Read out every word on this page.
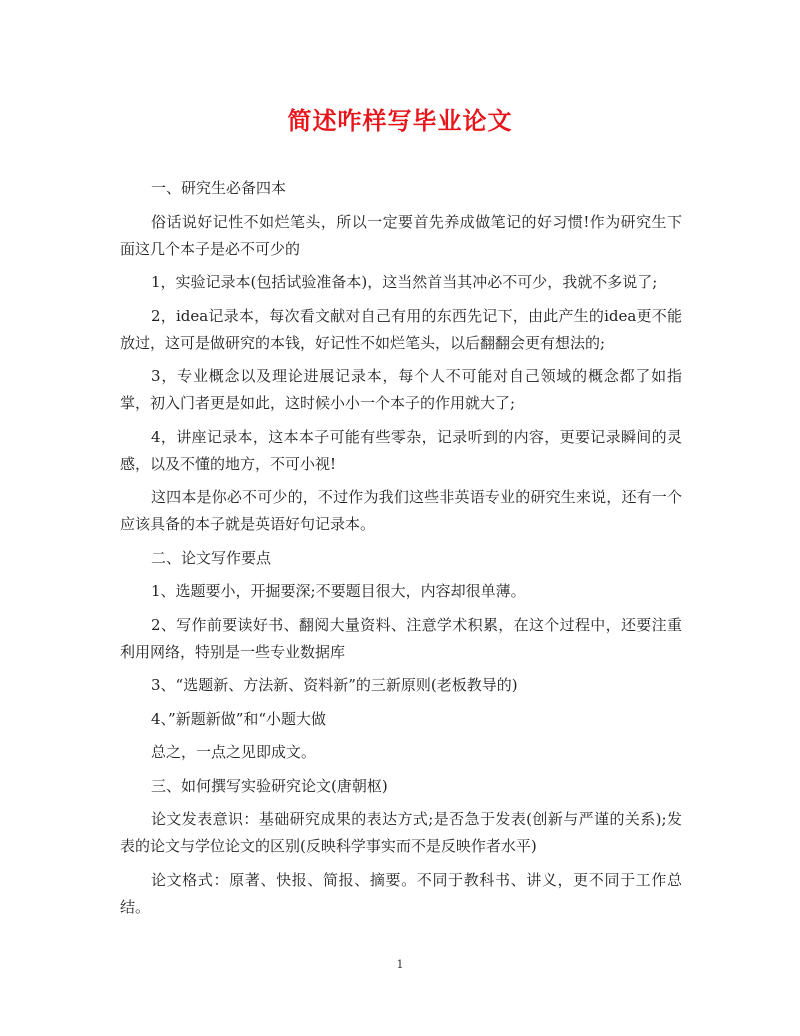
简述咋样写毕业论文

一、研究生必备四本

俗话说好记性不如烂笔头，所以一定要首先养成做笔记的好习惯!作为研究生下面这几个本子是必不可少的

1，实验记录本(包括试验准备本)，这当然首当其冲必不可少，我就不多说了;

2，idea记录本，每次看文献对自己有用的东西先记下，由此产生的idea更不能放过，这可是做研究的本钱，好记性不如烂笔头，以后翻翻会更有想法的;

3，专业概念以及理论进展记录本，每个人不可能对自己领域的概念都了如指掌，初入门者更是如此，这时候小小一个本子的作用就大了;

4，讲座记录本，这本本子可能有些零杂，记录听到的内容，更要记录瞬间的灵感，以及不懂的地方，不可小视!

这四本是你必不可少的，不过作为我们这些非英语专业的研究生来说，还有一个应该具备的本子就是英语好句记录本。

二、论文写作要点

1、选题要小，开掘要深;不要题目很大，内容却很单薄。

2、写作前要读好书、翻阅大量资料、注意学术积累，在这个过程中，还要注重利用网络，特别是一些专业数据库

3、“选题新、方法新、资料新”的三新原则(老板教导的)

4、”新题新做”和“小题大做

总之，一点之见即成文。

三、如何撰写实验研究论文(唐朝枢)

论文发表意识：基础研究成果的表达方式;是否急于发表(创新与严谨的关系);发表的论文与学位论文的区别(反映科学事实而不是反映作者水平)

论文格式：原著、快报、简报、摘要。不同于教科书、讲义，更不同于工作总结。

1
